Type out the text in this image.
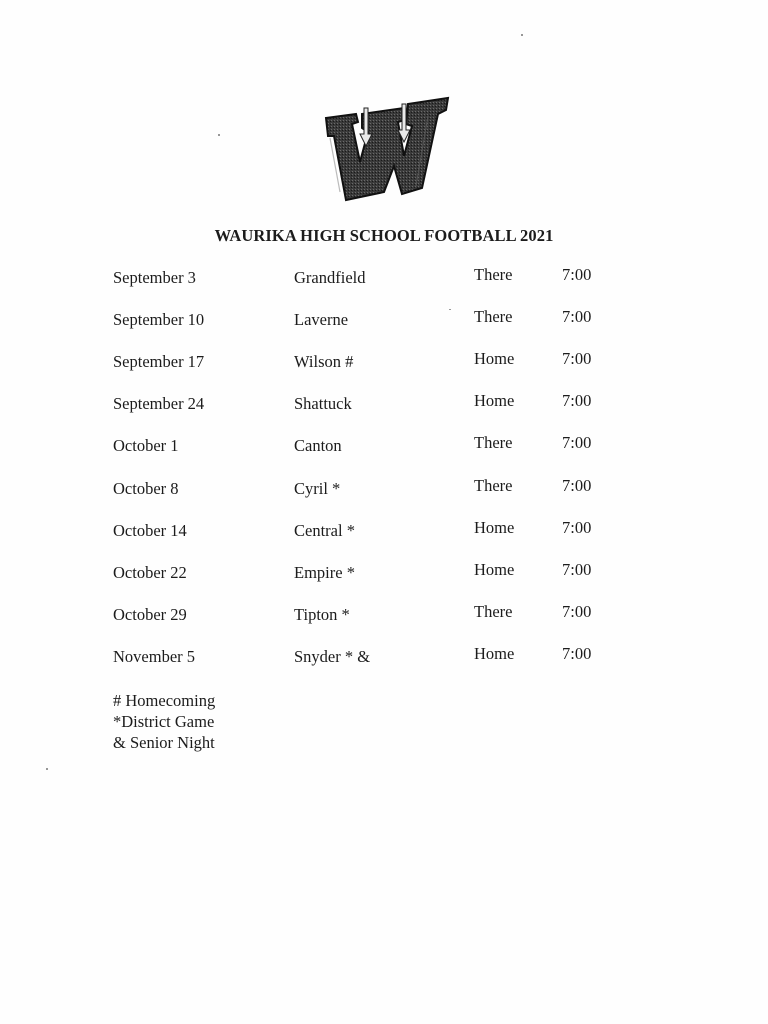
WAURIKA HIGH SCHOOL FOOTBALL 2021
September 3	Grandfield	There	7:00
September 10	Laverne	There	7:00
September 17	Wilson #	Home	7:00
September 24	Shattuck	Home	7:00
October 1	Canton	There	7:00
October 8	Cyril *	There	7:00
October 14	Central *	Home	7:00
October 22	Empire *	Home	7:00
October 29	Tipton *	There	7:00
November 5	Snyder * &	Home	7:00
# Homecoming
*District Game
& Senior Night
